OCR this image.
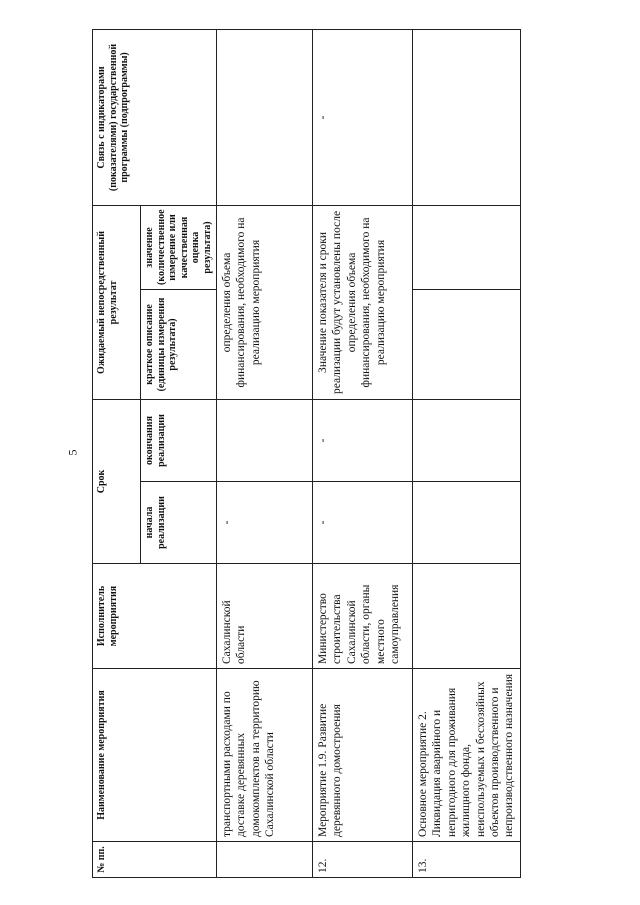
5
№ пп.	Наименование мероприятия	Исполнитель мероприятия	Срок		Ожидаемый непосредственный результат		Связь с индикаторами (показателями) государственной программы (подпрограммы)
			начала реализации	окончания реализации	краткое описание (единицы измерения результата)	значение (количественное измерение или качественная оценка результата)	
	транспортными расходами по доставке деревянных домокомплектов на территорию Сахалинской области	Сахалинской области	-		определения объема финансирования, необходимого на реализацию мероприятия		
12.	Мероприятие 1.9. Развитие деревянного домостроения	Министерство строительства Сахалинской области, органы местного самоуправления	-	-	Значение показателя и сроки реализации будут установлены после определения объема финансирования, необходимого на реализацию мероприятия		-
13.	Основное мероприятие 2. Ликвидация аварийного и непригодного для проживания жилищного фонда, неиспользуемых и бесхозяйных объектов производственного и непроизводственного назначения						
